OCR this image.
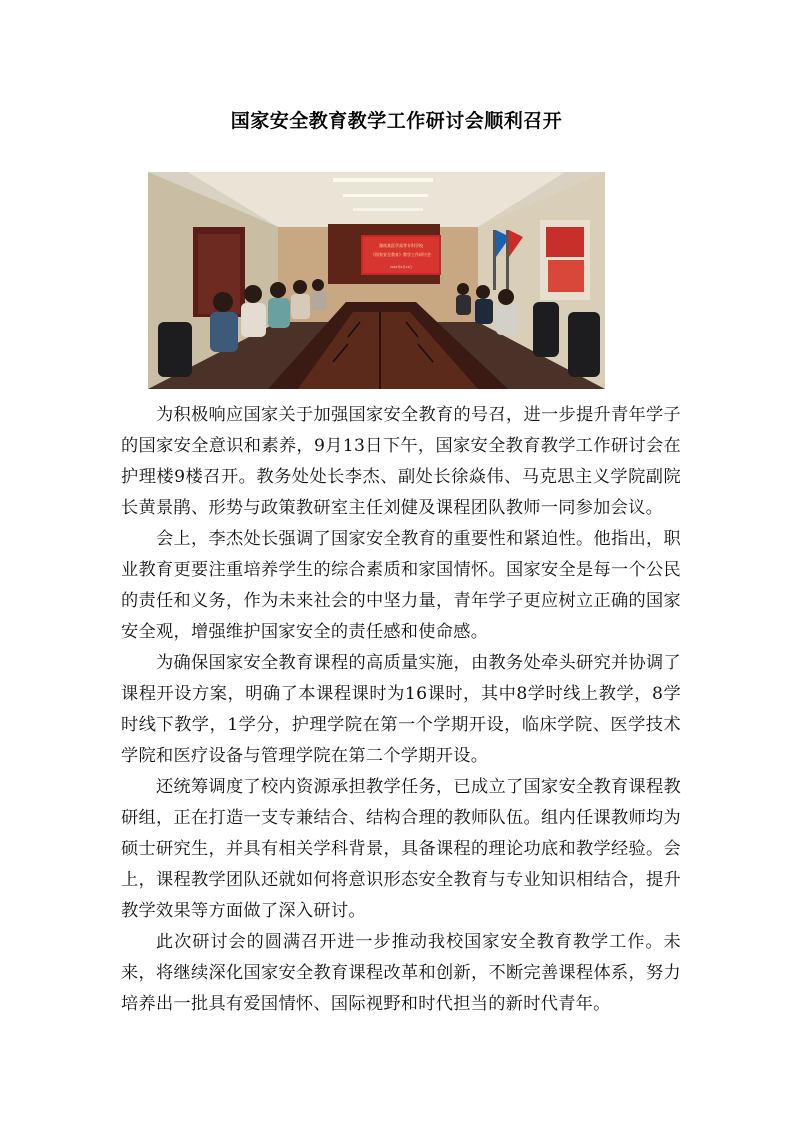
国家安全教育教学工作研讨会顺利召开
湖南某医学高等专科学校
《国家安全教育》教学工作研讨会
2024年9月13日

为积极响应国家关于加强国家安全教育的号召，进一步提升青年学子的国家安全意识和素养，9月13日下午，国家安全教育教学工作研讨会在护理楼9楼召开。教务处处长李杰、副处长徐焱伟、马克思主义学院副院长黄景鹃、形势与政策教研室主任刘健及课程团队教师一同参加会议。

会上，李杰处长强调了国家安全教育的重要性和紧迫性。他指出，职业教育更要注重培养学生的综合素质和家国情怀。国家安全是每一个公民的责任和义务，作为未来社会的中坚力量，青年学子更应树立正确的国家安全观，增强维护国家安全的责任感和使命感。

为确保国家安全教育课程的高质量实施，由教务处牵头研究并协调了课程开设方案，明确了本课程课时为16课时，其中8学时线上教学，8学时线下教学，1学分，护理学院在第一个学期开设，临床学院、医学技术学院和医疗设备与管理学院在第二个学期开设。

还统筹调度了校内资源承担教学任务，已成立了国家安全教育课程教研组，正在打造一支专兼结合、结构合理的教师队伍。组内任课教师均为硕士研究生，并具有相关学科背景，具备课程的理论功底和教学经验。会上，课程教学团队还就如何将意识形态安全教育与专业知识相结合，提升教学效果等方面做了深入研讨。

此次研讨会的圆满召开进一步推动我校国家安全教育教学工作。未来，将继续深化国家安全教育课程改革和创新，不断完善课程体系，努力培养出一批具有爱国情怀、国际视野和时代担当的新时代青年。
